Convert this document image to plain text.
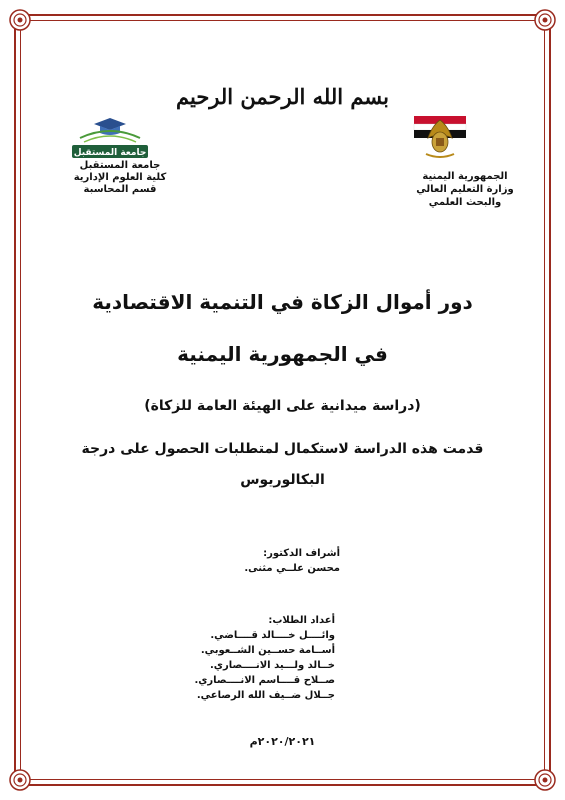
بسم الله الرحمن الرحيم
جامعة المستقبل
الجمهورية اليمنية
وزارة التعليم العالي
والبحث العلمي
جامعة المستقبل
كلية العلوم الإدارية
قسم المحاسبة
دور أموال الزكاة في التنمية الاقتصادية
في الجمهورية اليمنية
(دراسة ميدانية على الهيئة العامة للزكاة)
قدمت هذه الدراسة لاستكمال لمتطلبات الحصول على درجة
البكالوريوس
أشراف الدكتور:
محسن علــي مثنى.
أعداد الطلاب:
وائــــل خــــالد قــــاضي.
أســامة حســين الشــعوبي.
خــالد ولـــيد الانــــصاري.
صــلاح قــــاسم الانــــصاري.
جــلال ضــيف الله الرصاعي.
٢٠٢٠/٢٠٢١م
